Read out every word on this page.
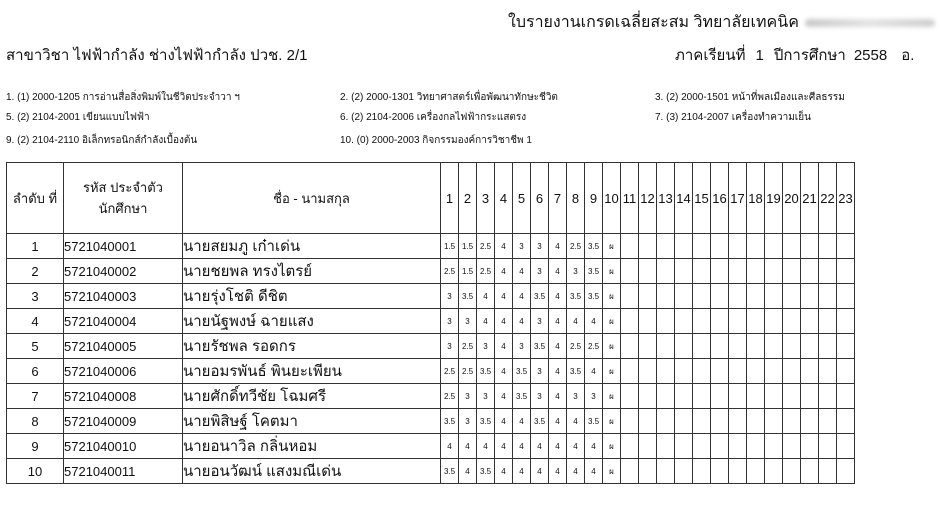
ใบรายงานเกรดเฉลี่ยสะสม วิทยาลัยเทคนิค
สาขาวิชา ไฟฟ้ากำลัง ช่างไฟฟ้ากำลัง ปวช. 2/1	ภาคเรียนที่ 1 ปีการศึกษา 2558 อ.
1. (1) 2000-1205 การอ่านสื่อสิ่งพิมพ์ในชีวิตประจำวา ฯ	2. (2) 2000-1301 วิทยาศาสตร์เพื่อพัฒนาทักษะชีวิต	3. (2) 2000-1501 หน้าที่พลเมืองและศีลธรรม
5. (2) 2104-2001 เขียนแบบไฟฟ้า	6. (2) 2104-2006 เครื่องกลไฟฟ้ากระแสตรง	7. (3) 2104-2007 เครื่องทำความเย็น
9. (2) 2104-2110 อิเล็กทรอนิกส์กำลังเบื้องต้น	10. (0) 2000-2003 กิจกรรมองค์การวิชาชีพ 1
ลำดับ ที่	รหัส ประจำตัว นักศึกษา	ชื่อ - นามสกุล	1	2	3	4	5	6	7	8	9	10	11	12	13	14	15	16	17	18	19	20	21	22	23
1	5721040001	นายสยมภู เก๋าเด่น	1.5	1.5	2.5	4	3	3	4	2.5	3.5	ผ													
2	5721040002	นายชยพล ทรงไตรย์	2.5	1.5	2.5	4	4	3	4	3	3.5	ผ													
3	5721040003	นายรุ่งโชติ ดีชิต	3	3.5	4	4	4	3.5	4	3.5	3.5	ผ													
4	5721040004	นายนัฐพงษ์ ฉายแสง	3	3	4	4	4	3	4	4	4	ผ													
5	5721040005	นายรัชพล รอดกร	3	2.5	3	4	3	3.5	4	2.5	2.5	ผ													
6	5721040006	นายอมรพันธ์ พินยะเพียน	2.5	2.5	3.5	4	3.5	3	4	3.5	4	ผ													
7	5721040008	นายศักดิ์ทวีชัย โฉมศรี	2.5	3	3	4	3.5	3	4	3	3	ผ													
8	5721040009	นายพิสิษฐ์ โคตมา	3.5	3	3.5	4	4	3.5	4	4	3.5	ผ													
9	5721040010	นายอนาวิล กลิ่นหอม	4	4	4	4	4	4	4	4	4	ผ													
10	5721040011	นายอนวัฒน์ แสงมณีเด่น	3.5	4	3.5	4	4	4	4	4	4	ผ													
